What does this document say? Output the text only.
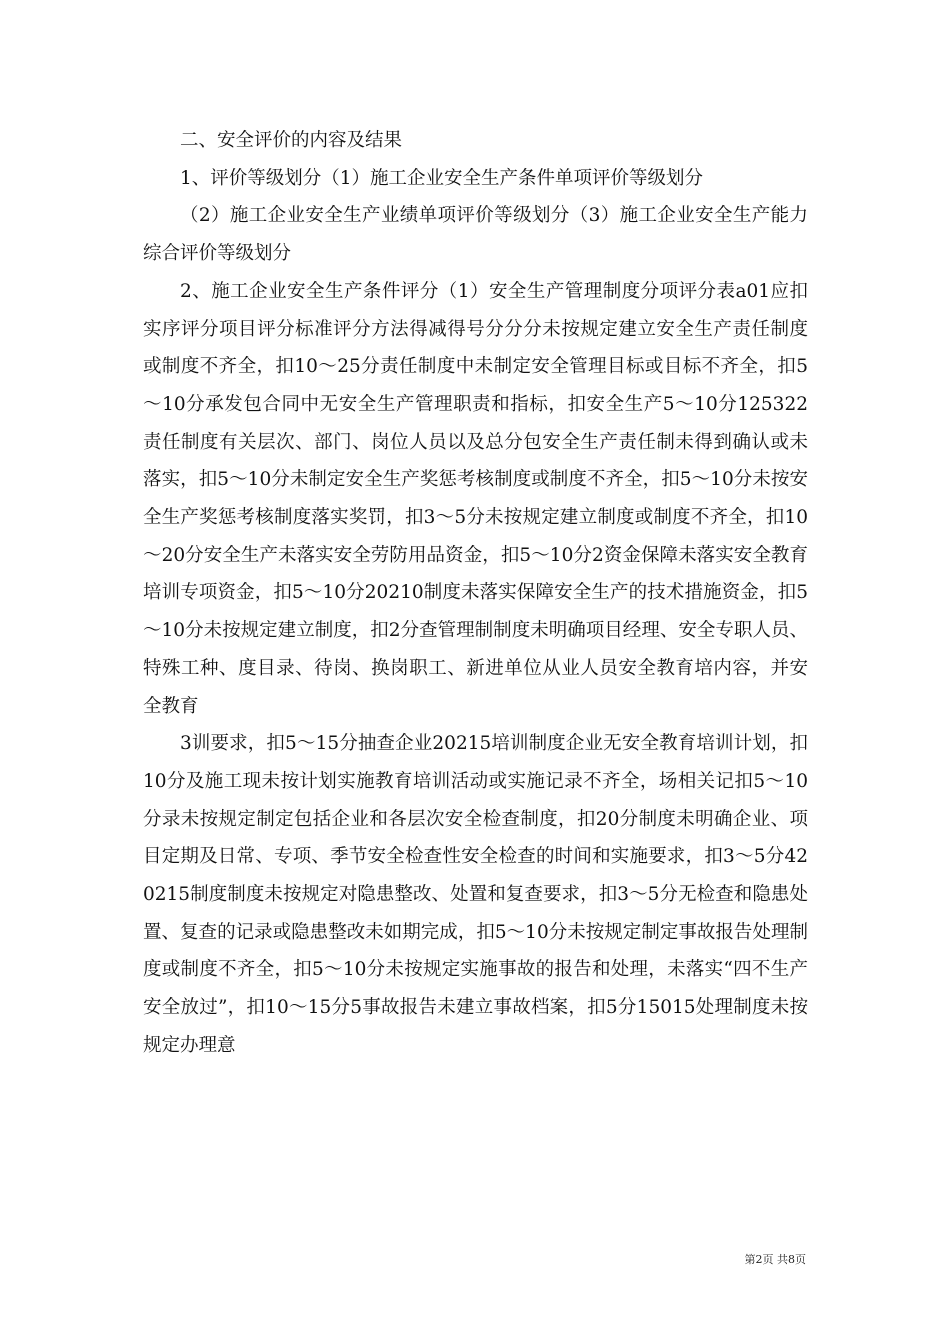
二、安全评价的内容及结果

1、评价等级划分（1）施工企业安全生产条件单项评价等级划分

（2）施工企业安全生产业绩单项评价等级划分（3）施工企业安全生产能力综合评价等级划分

2、施工企业安全生产条件评分（1）安全生产管理制度分项评分表a01应扣实序评分项目评分标准评分方法得减得号分分分未按规定建立安全生产责任制度或制度不齐全，扣10～25分责任制度中未制定安全管理目标或目标不齐全，扣5～10分承发包合同中无安全生产管理职责和指标，扣安全生产5～10分125322责任制度有关层次、部门、岗位人员以及总分包安全生产责任制未得到确认或未落实，扣5～10分未制定安全生产奖惩考核制度或制度不齐全，扣5～10分未按安全生产奖惩考核制度落实奖罚，扣3～5分未按规定建立制度或制度不齐全，扣10～20分安全生产未落实安全劳防用品资金，扣5～10分2资金保障未落实安全教育培训专项资金，扣5～10分20210制度未落实保障安全生产的技术措施资金，扣5～10分未按规定建立制度，扣2分查管理制制度未明确项目经理、安全专职人员、特殊工种、度目录、待岗、换岗职工、新进单位从业人员安全教育培内容，并安全教育

3训要求，扣5～15分抽查企业20215培训制度企业无安全教育培训计划，扣10分及施工现未按计划实施教育培训活动或实施记录不齐全，场相关记扣5～10分录未按规定制定包括企业和各层次安全检查制度，扣20分制度未明确企业、项目定期及日常、专项、季节安全检查性安全检查的时间和实施要求，扣3～5分420215制度制度未按规定对隐患整改、处置和复查要求，扣3～5分无检查和隐患处置、复查的记录或隐患整改未如期完成，扣5～10分未按规定制定事故报告处理制度或制度不齐全，扣5～10分未按规定实施事故的报告和处理，未落实“四不生产安全放过”，扣10～15分5事故报告未建立事故档案，扣5分15015处理制度未按规定办理意

第2页 共8页
